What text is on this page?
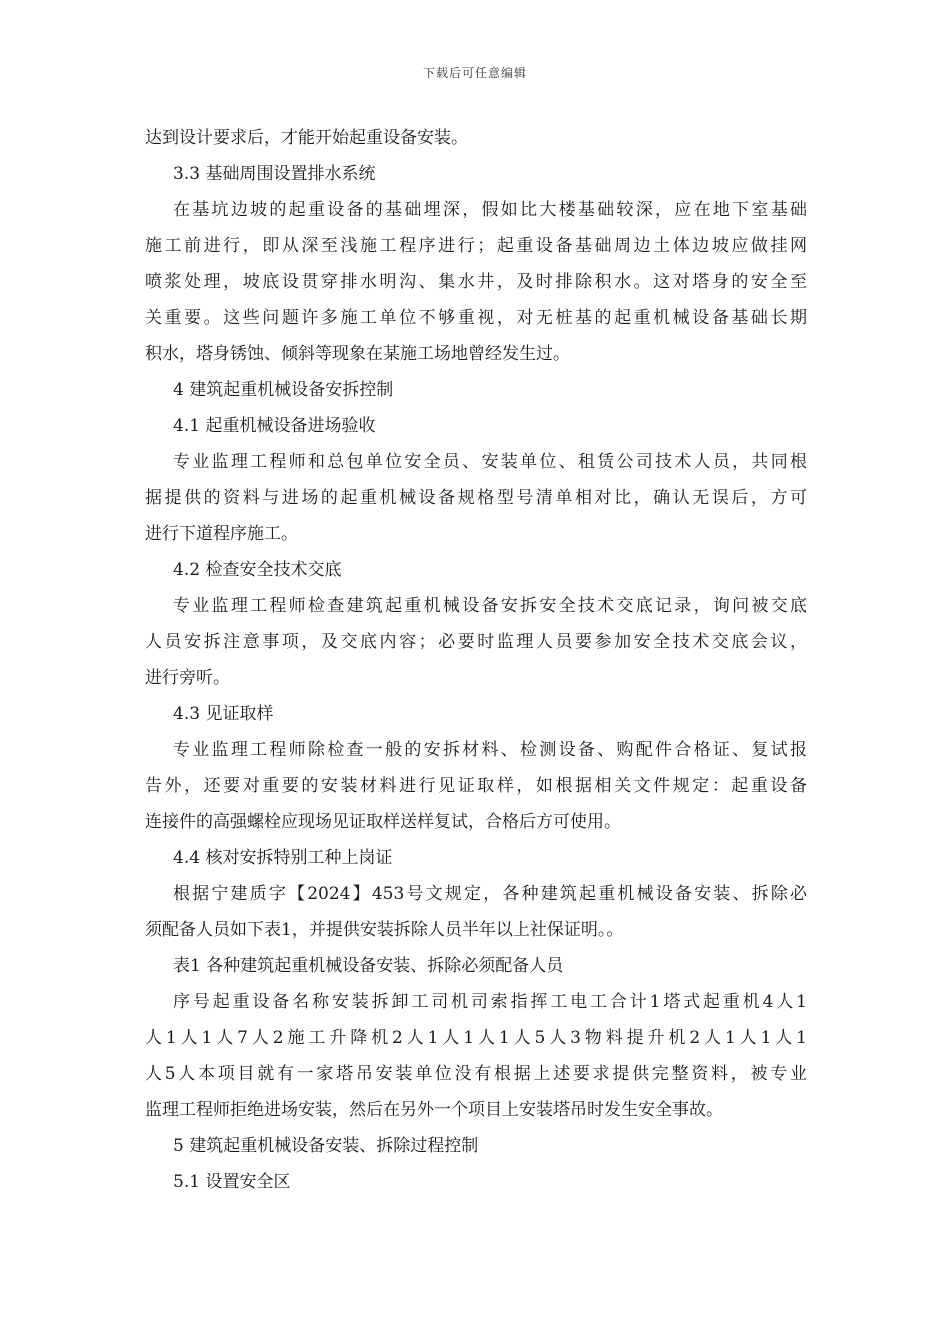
下载后可任意编辑
达到设计要求后，才能开始起重设备安装。
3.3 基础周围设置排水系统
在基坑边坡的起重设备的基础埋深，假如比大楼基础较深，应在地下室基础
施工前进行，即从深至浅施工程序进行；起重设备基础周边土体边坡应做挂网
喷浆处理，坡底设贯穿排水明沟、集水井，及时排除积水。这对塔身的安全至
关重要。这些问题许多施工单位不够重视，对无桩基的起重机械设备基础长期
积水，塔身锈蚀、倾斜等现象在某施工场地曾经发生过。
4 建筑起重机械设备安拆控制
4.1 起重机械设备进场验收
专业监理工程师和总包单位安全员、安装单位、租赁公司技术人员，共同根
据提供的资料与进场的起重机械设备规格型号清单相对比，确认无误后，方可
进行下道程序施工。
4.2 检查安全技术交底
专业监理工程师检查建筑起重机械设备安拆安全技术交底记录，询问被交底
人员安拆注意事项，及交底内容；必要时监理人员要参加安全技术交底会议，
进行旁听。
4.3 见证取样
专业监理工程师除检查一般的安拆材料、检测设备、购配件合格证、复试报
告外，还要对重要的安装材料进行见证取样，如根据相关文件规定：起重设备
连接件的高强螺栓应现场见证取样送样复试，合格后方可使用。
4.4 核对安拆特别工种上岗证
根据宁建质字【2024】453号文规定，各种建筑起重机械设备安装、拆除必
须配备人员如下表1，并提供安装拆除人员半年以上社保证明。。
表1 各种建筑起重机械设备安装、拆除必须配备人员
序号起重设备名称安装拆卸工司机司索指挥工电工合计1塔式起重机4人1
人1人1人7人2施工升降机2人1人1人1人5人3物料提升机2人1人1人1
人5人本项目就有一家塔吊安装单位没有根据上述要求提供完整资料，被专业
监理工程师拒绝进场安装，然后在另外一个项目上安装塔吊时发生安全事故。
5 建筑起重机械设备安装、拆除过程控制
5.1 设置安全区
